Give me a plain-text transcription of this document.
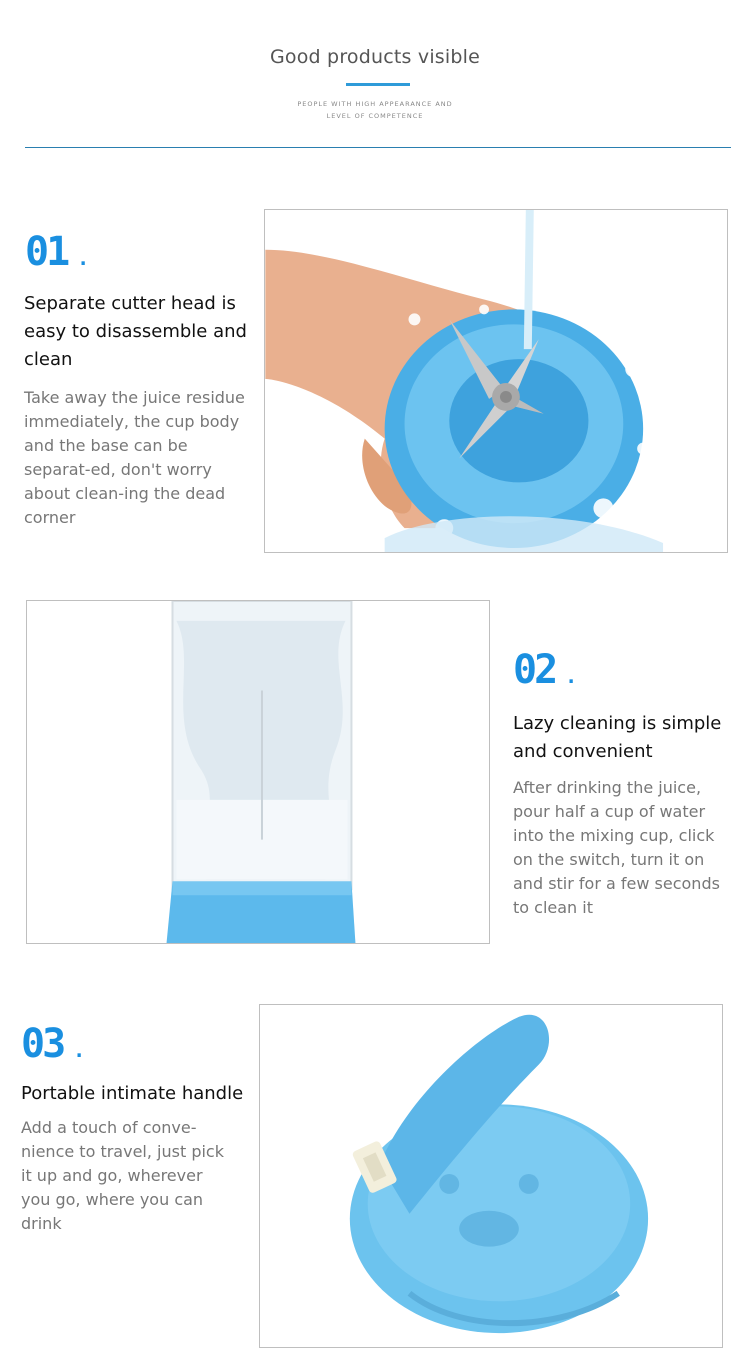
Good products visible
PEOPLE WITH HIGH APPEARANCE AND
LEVEL OF COMPETENCE
01 .
Separate cutter head is easy to disassemble and clean
Take away the juice residue immediately, the cup body and the base can be separat-ed, don't worry about clean-ing the dead corner
02 .
Lazy cleaning is simple and convenient
After drinking the juice, pour half a cup of water into the mixing cup, click on the switch, turn it on and stir for a few seconds to clean it
03 .
Portable intimate handle
Add a touch of conve-nience to travel, just pick it up and go, wherever you go, where you can drink
